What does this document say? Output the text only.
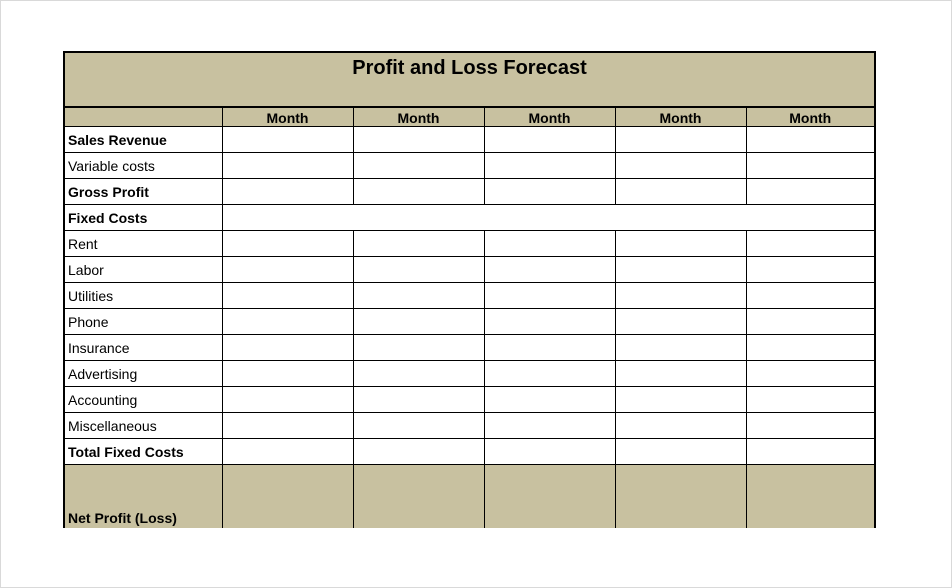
Profit and Loss Forecast
	Month	Month	Month	Month	Month
Sales Revenue					
Variable costs					
Gross Profit					
Fixed Costs					
Rent					
Labor					
Utilities					
Phone					
Insurance					
Advertising					
Accounting					
Miscellaneous					
Total Fixed Costs					
Net Profit (Loss)					
